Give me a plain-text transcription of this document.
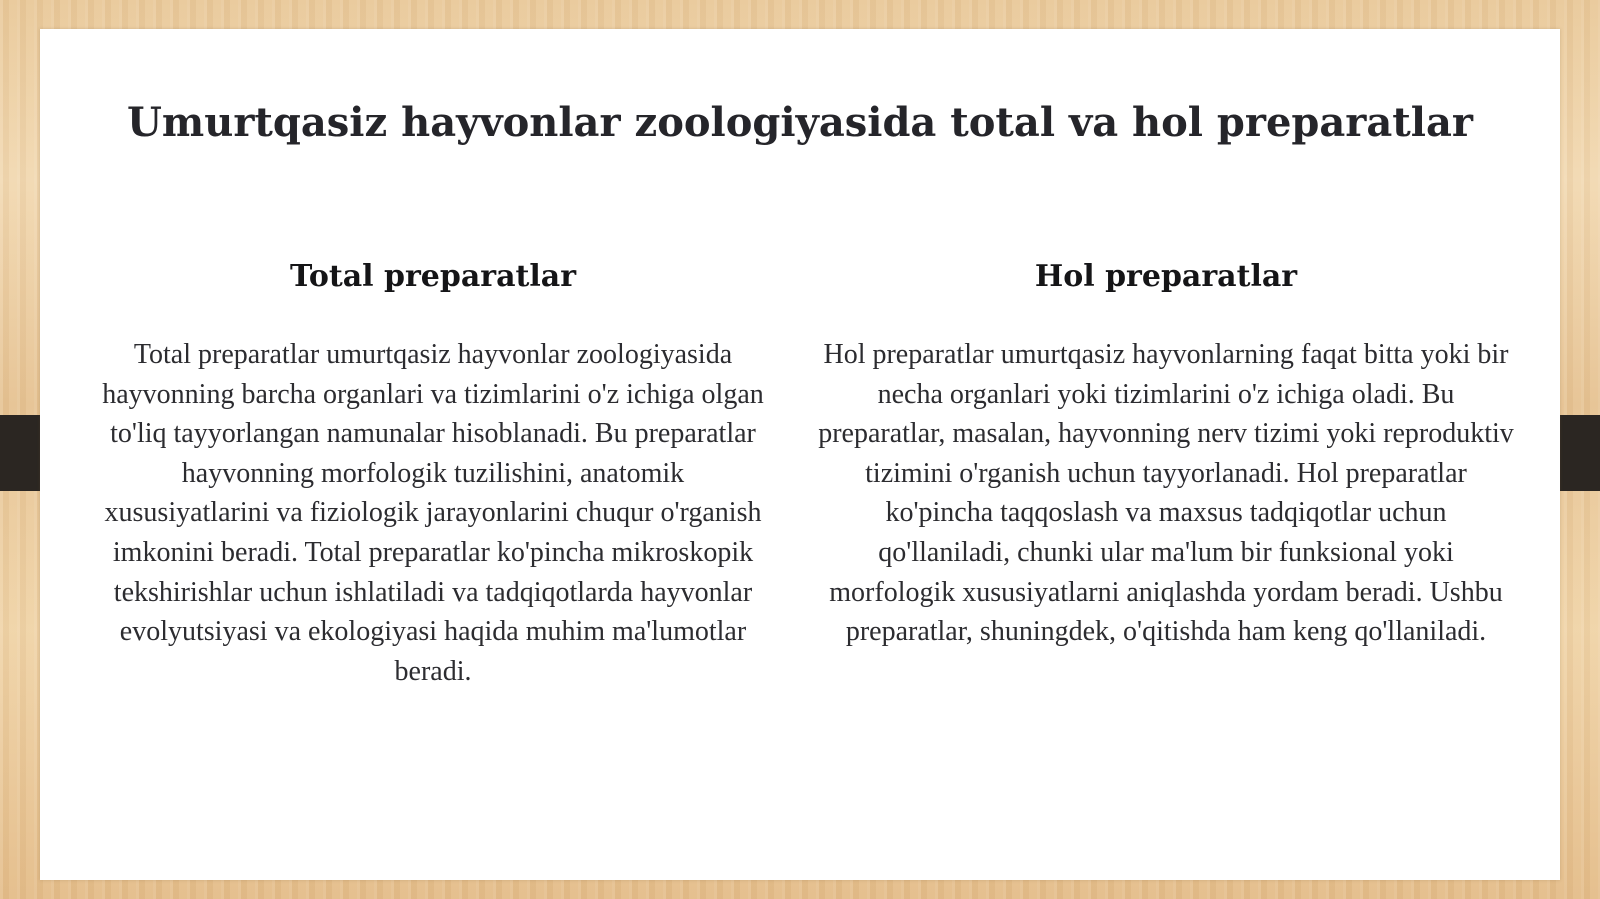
Umurtqasiz hayvonlar zoologiyasida total va hol preparatlar
Total preparatlar

Total preparatlar umurtqasiz hayvonlar zoologiyasida hayvonning barcha organlari va tizimlarini o'z ichiga olgan to'liq tayyorlangan namunalar hisoblanadi. Bu preparatlar hayvonning morfologik tuzilishini, anatomik xususiyatlarini va fiziologik jarayonlarini chuqur o'rganish imkonini beradi. Total preparatlar ko'pincha mikroskopik tekshirishlar uchun ishlatiladi va tadqiqotlarda hayvonlar evolyutsiyasi va ekologiyasi haqida muhim ma'lumotlar beradi.

Hol preparatlar

Hol preparatlar umurtqasiz hayvonlarning faqat bitta yoki bir necha organlari yoki tizimlarini o'z ichiga oladi. Bu preparatlar, masalan, hayvonning nerv tizimi yoki reproduktiv tizimini o'rganish uchun tayyorlanadi. Hol preparatlar ko'pincha taqqoslash va maxsus tadqiqotlar uchun qo'llaniladi, chunki ular ma'lum bir funksional yoki morfologik xususiyatlarni aniqlashda yordam beradi. Ushbu preparatlar, shuningdek, o'qitishda ham keng qo'llaniladi.
